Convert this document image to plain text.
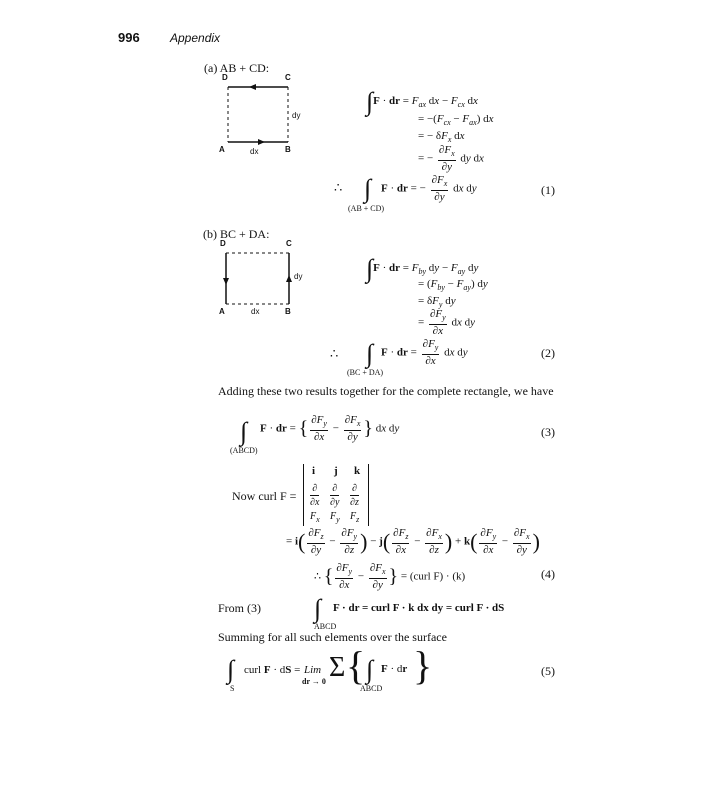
996	Appendix
(a) AB + CD:
D	C
A	B
dx
dy	∫F · dr = $F_{ax}$ dx − $F_{cx}$ dx
= $-(F_{cx} - F_{ax})$ dx
= − $\delta F_x$ dx
= − $\frac{\partial F_x}{\partial y}$ dy dx
∴ ∫
(AB + CD)
F · dr = − $\frac{\partial F_x}{\partial y}$ dx dy	(1)
(b) BC + DA:
D	C
A	B
dx
dy ∫F · dr = $F_{by}$ dy − $F_{ay}$ dy
= $(F_{by} - F_{ay})$ dy
= $\delta F_y$ dy
= $\frac{\partial F_y}{\partial x}$ dx dy
∴ ∫
(BC + DA)
F · dr = $\frac{\partial F_y}{\partial x}$ dx dy	(2)
Adding these two results together for the complete rectangle, we have
∫
(ABCD)
F · dr = { $\frac{\partial F_y}{\partial x} - \frac{\partial F_x}{\partial y}$ } dx dy	(3)
Now curl F =
i j k
$\frac{\partial}{\partial x} \frac{\partial}{\partial y} \frac{\partial}{\partial z}$
$F_x$ $F_y$ $F_z$
= $i( \frac{\partial F_z}{\partial y} - \frac{\partial F_y}{\partial z}$ ) − $j( \frac{\partial F_z}{\partial x} - \frac{\partial F_x}{\partial z}$ ) + $k( \frac{\partial F_y}{\partial x} - \frac{\partial F_x}{\partial y}$ )
∴ { $\frac{\partial F_y}{\partial x} - \frac{\partial F_x}{\partial y}$ } = (curl F) · (k)	(4)
From (3) ∫
ABCD
F · dr = curl F · k dx dy = curl F · dS
Summing for all such elements over the surface
∫
S
curl F · dS = Lim
dr → 0 Σ { ∫
ABCD
F · dr }	(5)
